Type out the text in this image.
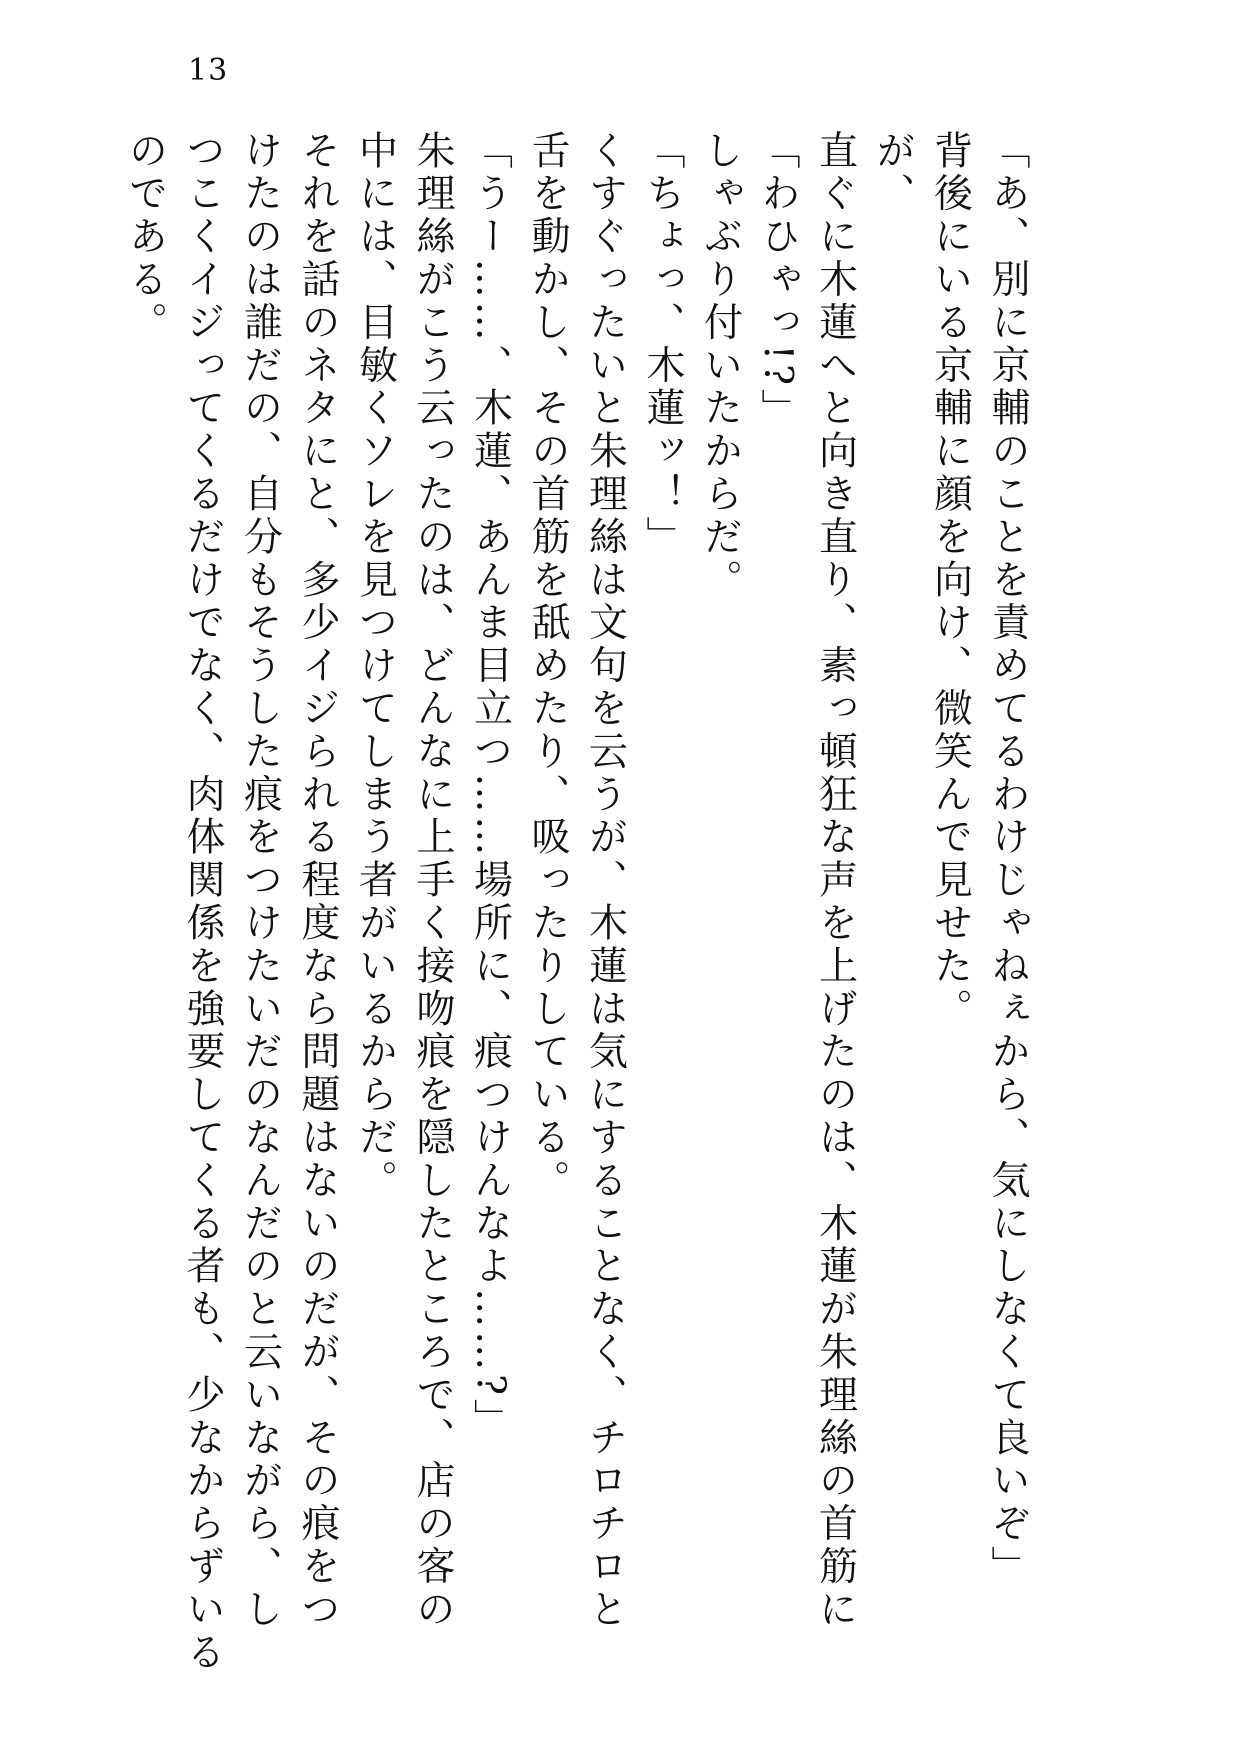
13
「あ、別に京輔のことを責めてるわけじゃねぇから、気にしなくて良いぞ」
背後にいる京輔に顔を向け、微笑んで見せた。
が、
直ぐに木蓮へと向き直り、素っ頓狂な声を上げたのは、木蓮が朱理絲の首筋に
「わひゃっ!?」
しゃぶり付いたからだ。
「ちょっ、木蓮ッ！」
くすぐったいと朱理絲は文句を云うが、木蓮は気にすることなく、チロチロと
舌を動かし、その首筋を舐めたり、吸ったりしている。
「うー……、木蓮、あんま目立つ……場所に、痕つけんなよ……?」
朱理絲がこう云ったのは、どんなに上手く接吻痕を隠したところで、店の客の
中には、目敏くソレを見つけてしまう者がいるからだ。
それを話のネタにと、多少イジられる程度なら問題はないのだが、その痕をつ
けたのは誰だの、自分もそうした痕をつけたいだのなんだのと云いながら、し
つこくイジってくるだけでなく、肉体関係を強要してくる者も、少なからずいる
のである。
